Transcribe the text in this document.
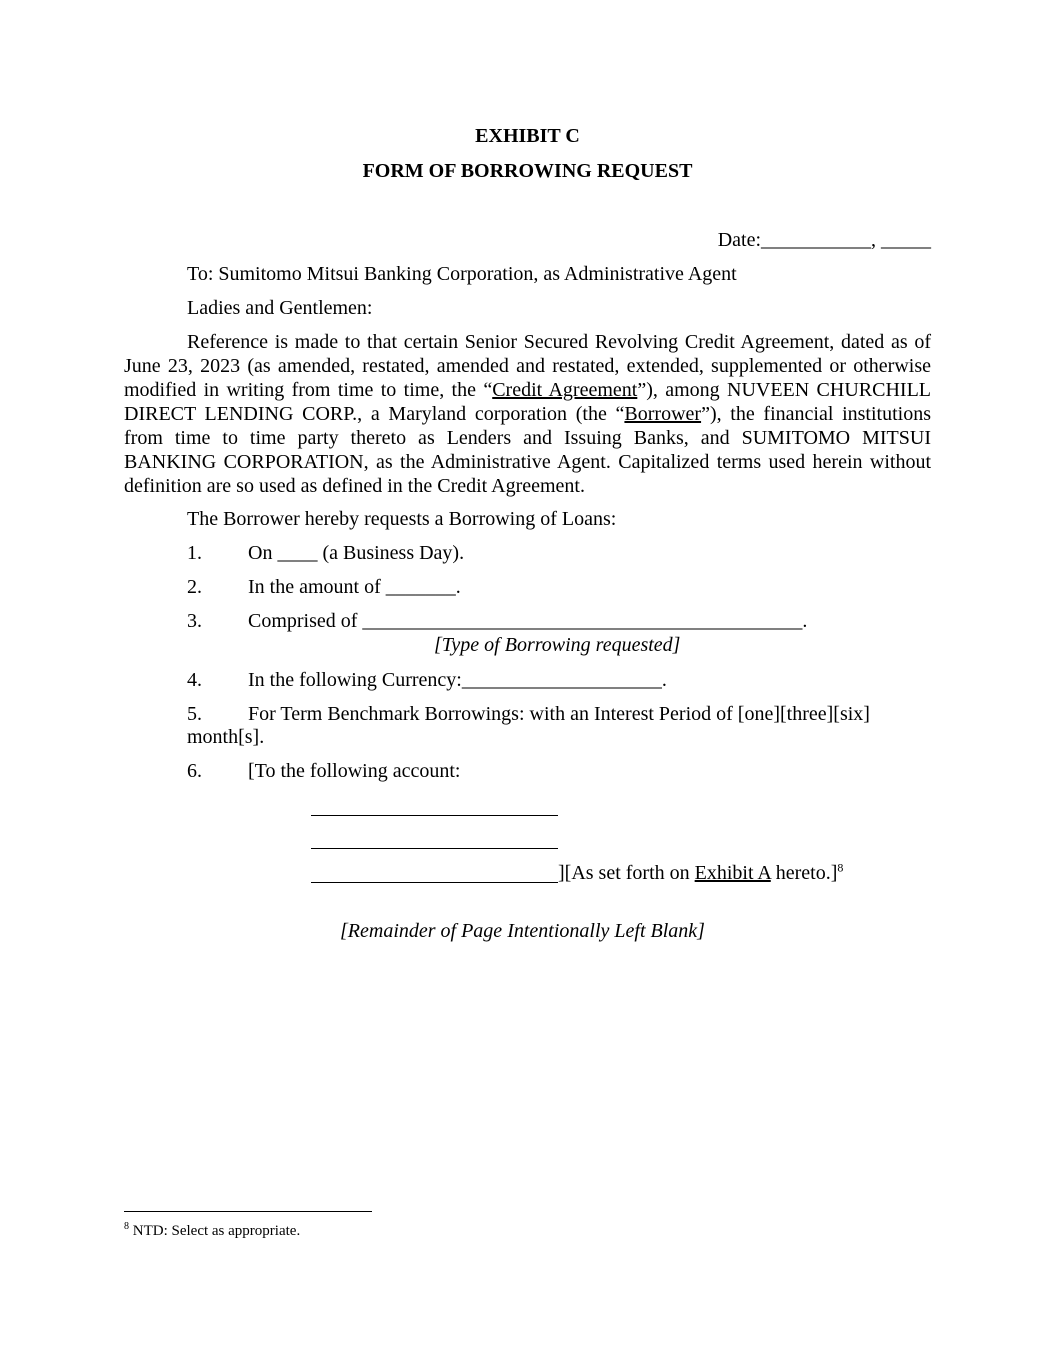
EXHIBIT C
FORM OF BORROWING REQUEST
Date:___________, _____
To: Sumitomo Mitsui Banking Corporation, as Administrative Agent
Ladies and Gentlemen:
Reference is made to that certain Senior Secured Revolving Credit Agreement, dated as of June 23, 2023 (as amended, restated, amended and restated, extended, supplemented or otherwise modified in writing from time to time, the “Credit Agreement”), among NUVEEN CHURCHILL DIRECT LENDING CORP., a Maryland corporation (the “Borrower”), the financial institutions from time to time party thereto as Lenders and Issuing Banks, and SUMITOMO MITSUI BANKING CORPORATION, as the Administrative Agent. Capitalized terms used herein without definition are so used as defined in the Credit Agreement.
The Borrower hereby requests a Borrowing of Loans:
1. On ____ (a Business Day).
2. In the amount of _______.
3. Comprised of ____________________________________________.
[Type of Borrowing requested]
4. In the following Currency:____________________.
5. For Term Benchmark Borrowings: with an Interest Period of [one][three][six]
month[s].
6. [To the following account:
][As set forth on Exhibit A hereto.]$^8$
[Remainder of Page Intentionally Left Blank]
$^8$ NTD: Select as appropriate.
